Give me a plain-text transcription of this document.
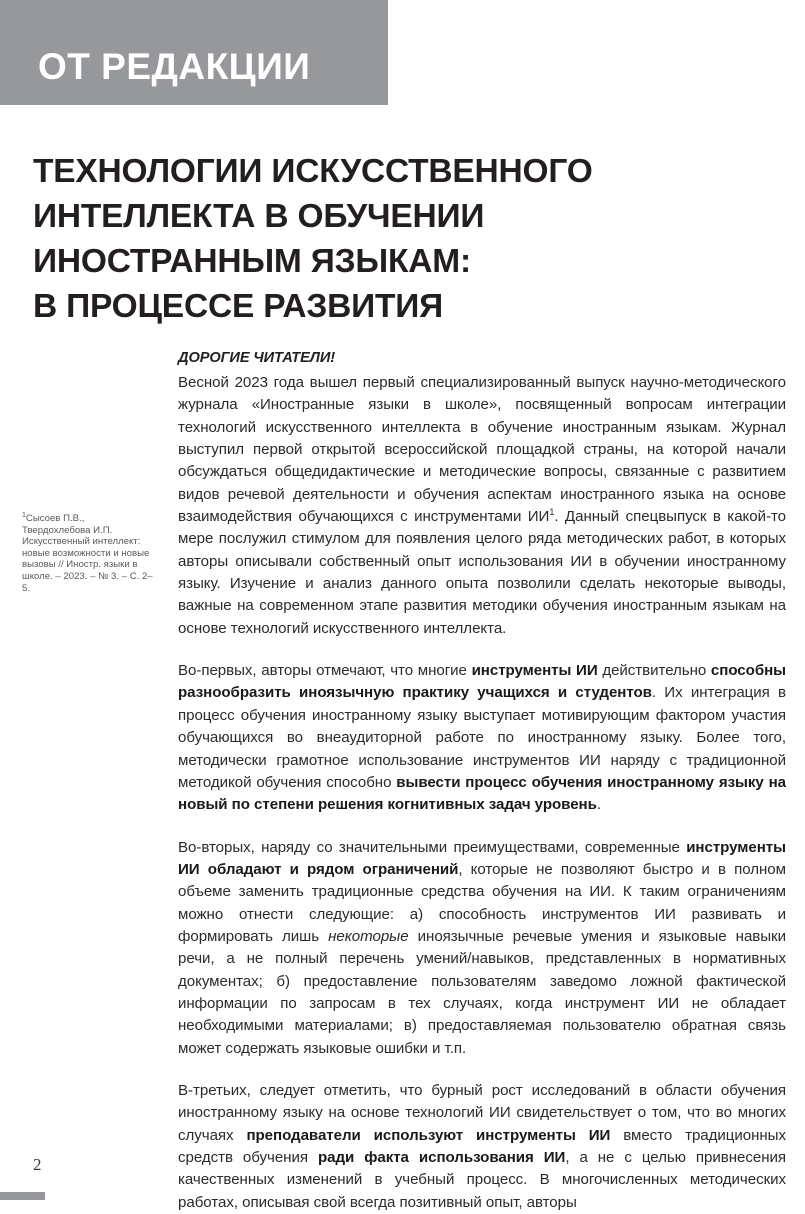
ОТ РЕДАКЦИИ
ТЕХНОЛОГИИ ИСКУССТВЕННОГО
ИНТЕЛЛЕКТА В ОБУЧЕНИИ
ИНОСТРАННЫМ ЯЗЫКАМ:
В ПРОЦЕССЕ РАЗВИТИЯ
$^1$Сысоев П.В., Твердохлебова И.П. Искусственный интеллект: новые возможности и новые вызовы // Иностр. языки в школе. – 2023. – № 3. – С. 2–5.
ДОРОГИЕ ЧИТАТЕЛИ!

Весной 2023 года вышел первый специализированный выпуск научно-методического журнала «Иностранные языки в школе», посвященный вопросам интеграции технологий искусственного интеллекта в обучение иностранным языкам. Журнал выступил первой открытой всероссийской площадкой страны, на которой начали обсуждаться общедидактические и методические вопросы, связанные с развитием видов речевой деятельности и обучения аспектам иностранного языка на основе взаимодействия обучающихся с инструментами $ИИ^1$. Данный спецвыпуск в какой-то мере послужил стимулом для появления целого ряда методических работ, в которых авторы описывали собственный опыт использования ИИ в обучении иностранному языку. Изучение и анализ данного опыта позволили сделать некоторые выводы, важные на современном этапе развития методики обучения иностранным языкам на основе технологий искусственного интеллекта.

Во-первых, авторы отмечают, что многие инструменты ИИ действительно способны разнообразить иноязычную практику учащихся и студентов. Их интеграция в процесс обучения иностранному языку выступает мотивирующим фактором участия обучающихся во внеаудиторной работе по иностранному языку. Более того, методически грамотное использование инструментов ИИ наряду с традиционной методикой обучения способно вывести процесс обучения иностранному языку на новый по степени решения когнитивных задач уровень.

Во-вторых, наряду со значительными преимуществами, современные инструменты ИИ обладают и рядом ограничений, которые не позволяют быстро и в полном объеме заменить традиционные средства обучения на ИИ. К таким ограничениям можно отнести следующие: а) способность инструментов ИИ развивать и формировать лишь некоторые иноязычные речевые умения и языковые навыки речи, а не полный перечень умений/навыков, представленных в нормативных документах; б) предоставление пользователям заведомо ложной фактической информации по запросам в тех случаях, когда инструмент ИИ не обладает необходимыми материалами; в) предоставляемая пользователю обратная связь может содержать языковые ошибки и т.п.

В-третьих, следует отметить, что бурный рост исследований в области обучения иностранному языку на основе технологий ИИ свидетельствует о том, что во многих случаях преподаватели используют инструменты ИИ вместо традиционных средств обучения ради факта использования ИИ, а не с целью привнесения качественных изменений в учебный процесс. В многочисленных методических работах, описывая свой всегда позитивный опыт, авторы

2
